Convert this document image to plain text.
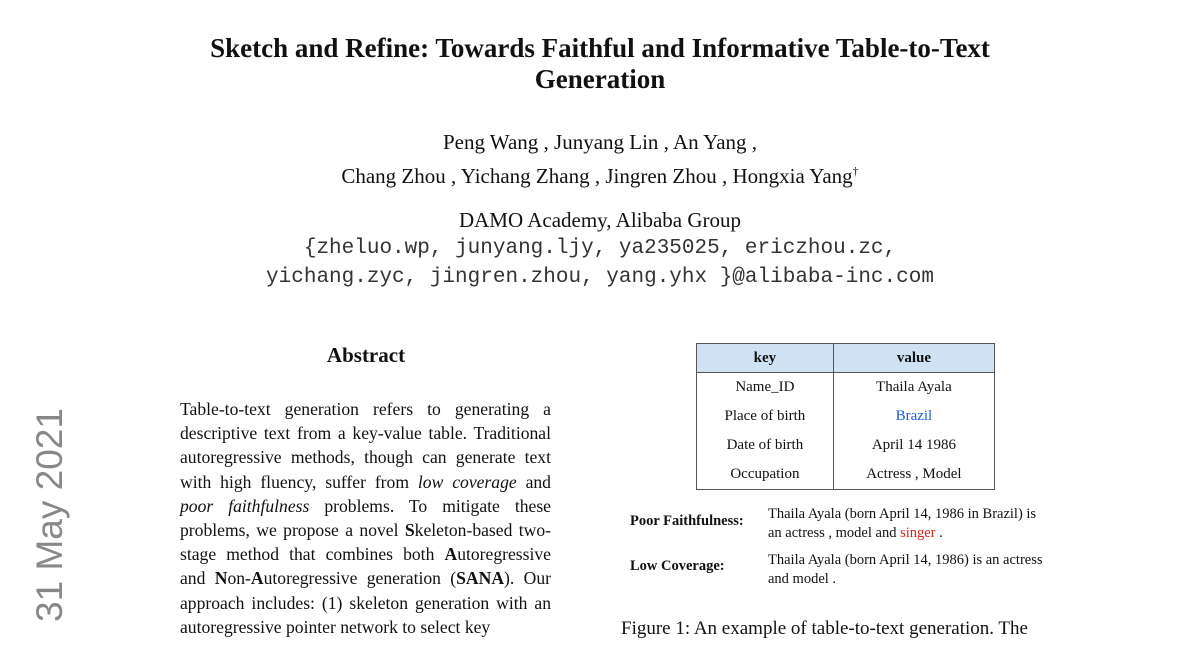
Sketch and Refine: Towards Faithful and Informative Table-to-Text
Generation
Peng Wang , Junyang Lin , An Yang ,
Chang Zhou , Yichang Zhang , Jingren Zhou , Hongxia Yang†
DAMO Academy, Alibaba Group
{zheluo.wp, junyang.ljy, ya235025, ericzhou.zc,
yichang.zyc, jingren.zhou, yang.yhx }@alibaba-inc.com
31 May 2021
Abstract

Table-to-text generation refers to generating a descriptive text from a key-value table. Traditional autoregressive methods, though can generate text with high fluency, suffer from low coverage and poor faithfulness problems. To mitigate these problems, we propose a novel Skeleton-based two-stage method that combines both Autoregressive and Non-Autoregressive generation (SANA). Our approach includes: (1) skeleton generation with an autoregressive pointer network to select key

key	value
Name_ID	Thaila Ayala
Place of birth	Brazil
Date of birth	April 14 1986
Occupation	Actress , Model
Poor Faithfulness: Thaila Ayala (born April 14, 1986 in Brazil) is an actress , model and singer .
Low Coverage:	Thaila Ayala (born April 14, 1986) is an actress and model .
Figure 1: An example of table-to-text generation. The
